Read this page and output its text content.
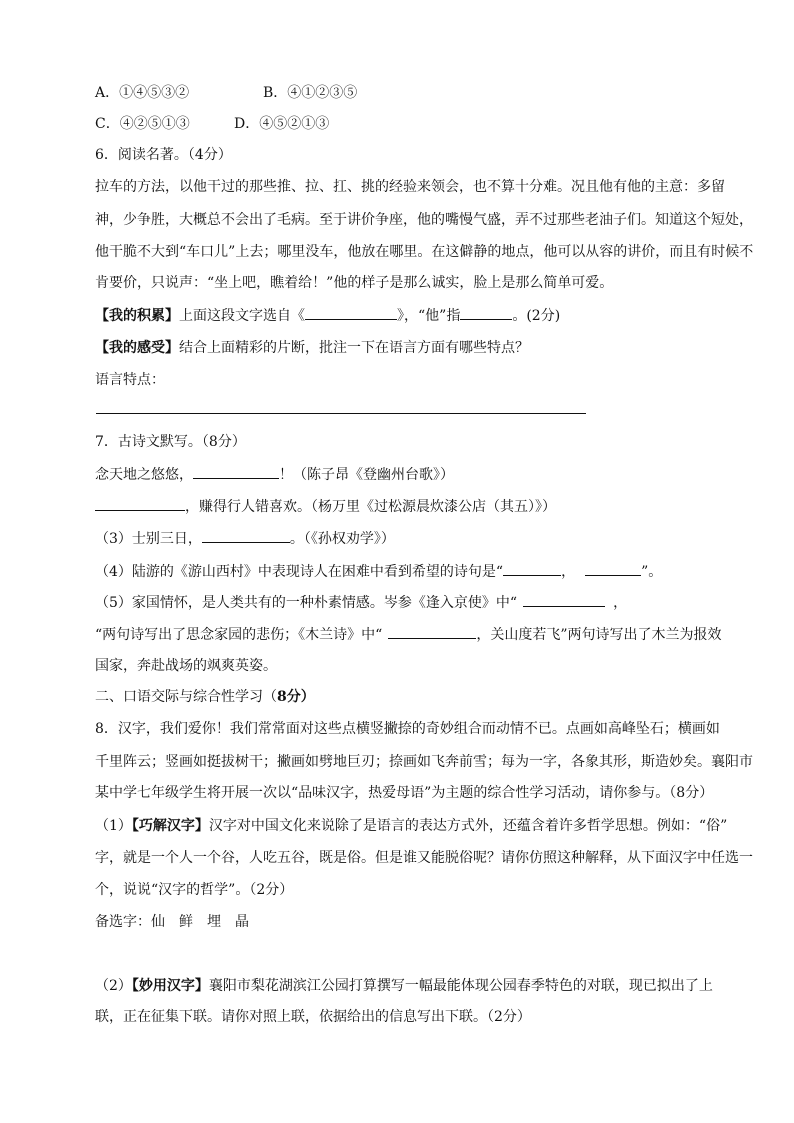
A．①④⑤③②	B．④①②③⑤
C．④②⑤①③	D．④⑤②①③
6．阅读名著。（4分）
拉车的方法，以他干过的那些推、拉、扛、挑的经验来领会，也不算十分难。况且他有他的主意：多留
神，少争胜，大概总不会出了毛病。至于讲价争座，他的嘴慢气盛，弄不过那些老油子们。知道这个短处，
他干脆不大到“车口儿”上去；哪里没车，他放在哪里。在这僻静的地点，他可以从容的讲价，而且有时候不
肯要价，只说声：“坐上吧，瞧着给！”他的样子是那么诚实，脸上是那么简单可爱。
【我的积累】上面这段文字选自《	》，“他”指	。(2分)
【我的感受】结合上面精彩的片断，批注一下在语言方面有哪些特点？
语言特点：
7．古诗文默写。（8分）
念天地之悠悠，	！（陈子昂《登幽州台歌》）
，赚得行人错喜欢。（杨万里《过松源晨炊漆公店（其五）》）
（3）士别三日，	。（《孙权劝学》）
（4）陆游的《游山西村》中表现诗人在困难中看到希望的诗句是“	，	”。
（5）家国情怀，是人类共有的一种朴素情感。岑参《逢入京使》中“	，
“两句诗写出了思念家园的悲伤；《木兰诗》中“	，关山度若飞”两句诗写出了木兰为报效
国家，奔赴战场的飒爽英姿。
二、口语交际与综合性学习（8分）
8．汉字，我们爱你！我们常常面对这些点横竖撇捺的奇妙组合而动情不已。点画如高峰坠石；横画如
千里阵云；竖画如挺拔树干；撇画如劈地巨刃；捺画如飞奔前雪；每为一字，各象其形，斯造妙矣。襄阳市
某中学七年级学生将开展一次以“品味汉字，热爱母语”为主题的综合性学习活动，请你参与。（8分）
（1）【巧解汉字】汉字对中国文化来说除了是语言的表达方式外，还蕴含着许多哲学思想。例如：“俗”
字，就是一个人一个谷，人吃五谷，既是俗。但是谁又能脱俗呢？请你仿照这种解释，从下面汉字中任选一
个，说说“汉字的哲学”。（2分）
备选字：仙　鲜　埋　晶
（2）【妙用汉字】襄阳市梨花湖滨江公园打算撰写一幅最能体现公园春季特色的对联，现已拟出了上
联，正在征集下联。请你对照上联，依据给出的信息写出下联。（2分）
